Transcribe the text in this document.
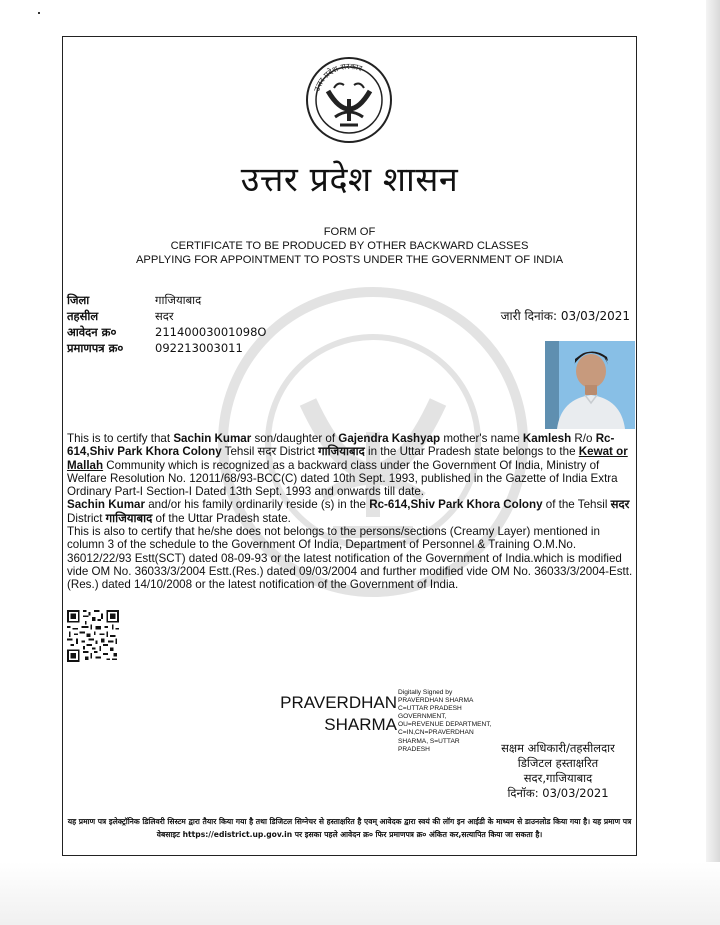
उत्तर प्रदेश सरकार
उत्तर प्रदेश शासन
FORM OF
CERTIFICATE TO BE PRODUCED BY OTHER BACKWARD CLASSES
APPLYING FOR APPOINTMENT TO POSTS UNDER THE GOVERNMENT OF INDIA
जिला	गाजियाबाद
तहसील	सदर
आवेदन क्र०	21140003001098O
प्रमाणपत्र क्र०	092213003011
जारी दिनांक: 03/03/2021

This is to certify that Sachin Kumar son/daughter of Gajendra Kashyap mother's name Kamlesh R/o Rc-614,Shiv Park Khora Colony Tehsil सदर District गाजियाबाद in the Uttar Pradesh state belongs to the Kewat or Mallah Community which is recognized as a backward class under the Government Of India, Ministry of Welfare Resolution No. 12011/68/93-BCC(C) dated 10th Sept. 1993, published in the Gazette of India Extra Ordinary Part-I Section-I Dated 13th Sept. 1993 and onwards till date.

Sachin Kumar and/or his family ordinarily reside (s) in the Rc-614,Shiv Park Khora Colony of the Tehsil सदर District गाजियाबाद of the Uttar Pradesh state.

This is also to certify that he/she does not belongs to the persons/sections (Creamy Layer) mentioned in column 3 of the schedule to the Government Of India, Department of Personnel & Training O.M.No. 36012/22/93 Estt(SCT) dated 08-09-93 or the latest notification of the Government of India.which is modified vide OM No. 36033/3/2004 Estt.(Res.) dated 09/03/2004 and further modified vide OM No. 36033/3/2004-Estt. (Res.) dated 14/10/2008 or the latest notification of the Government of India.

PRAVERDHAN
SHARMA
Digitally Signed by PRAVERDHAN SHARMA C=UTTAR PRADESH GOVERNMENT, OU=REVENUE DEPARTMENT, C=IN,CN=PRAVERDHAN SHARMA, S=UTTAR PRADESH	सक्षम अधिकारी/तहसीलदार
डिजिटल हस्ताक्षरित
सदर,गाजियाबाद
दिनॉक: 03/03/2021
यह प्रमाण पत्र इलेक्ट्रॉनिक डिलिवरी सिस्टम द्वारा तैयार किया गया है तथा डिजिटल सिग्नेचर से हस्ताक्षरित है एवम् आवेदक द्वारा स्वयं की लॉग इन आईडी के माध्यम से डाउनलोड किया गया है। यह प्रमाण पत्र वेबसाइट https://edistrict.up.gov.in पर इसका पहले आवेदन क्र० फिर प्रमाणपत्र क्र० अंकित कर,सत्यापित किया जा सकता है।
